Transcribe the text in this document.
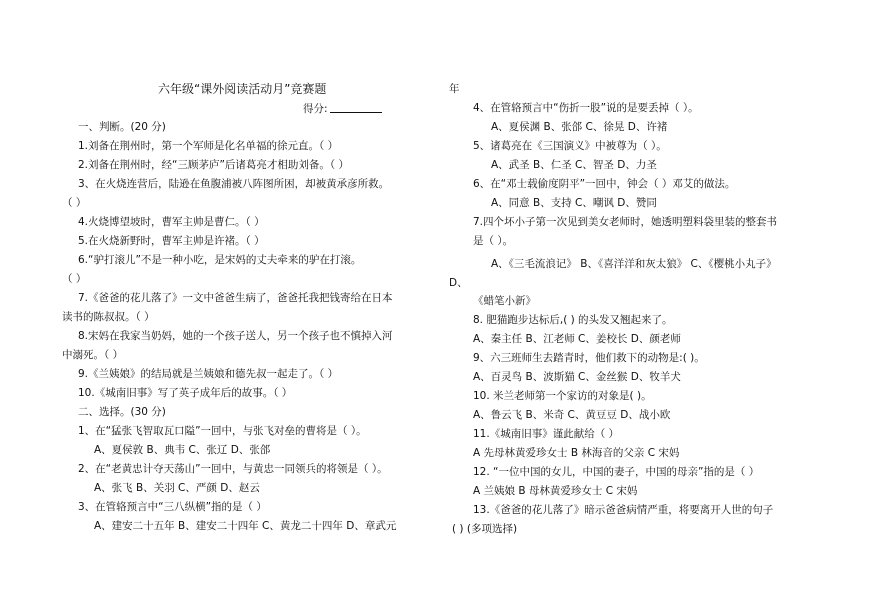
六年级“课外阅读活动月”竞赛题	年
得分:
一、判断。(20 分)
1.刘备在荆州时，第一个军师是化名单福的徐元直。（ ）
2.刘备在荆州时，经“三顾茅庐”后诸葛亮才相助刘备。（ ）
3、在火烧连营后，陆逊在鱼腹浦被八阵图所困，却被黄承彦所救。
（ ）
4.火烧博望坡时，曹军主帅是曹仁。（ ）
5.在火烧新野时，曹军主帅是许褚。（ ）
6.“驴打滚儿”不是一种小吃，是宋妈的丈夫牵来的驴在打滚。
（ ）
7.《爸爸的花儿落了》一文中爸爸生病了，爸爸托我把钱寄给在日本
读书的陈叔叔。（ ）
8.宋妈在我家当奶妈，她的一个孩子送人，另一个孩子也不慎掉入河
中溺死。（ ）
9.《兰姨娘》的结局就是兰姨娘和德先叔一起走了。（ ）
10.《城南旧事》写了英子成年后的故事。（ ）
二、选择。(30 分)
1、在“猛张飞智取瓦口隘”一回中，与张飞对垒的曹将是（ ）。
A、夏侯敦 B、典韦 C、张辽 D、张郃
2、在“老黄忠计夺天荡山”一回中，与黄忠一同领兵的将领是（ ）。
A、张飞 B、关羽 C、严颜 D、赵云
3、在管辂预言中“三八纵横”指的是（ ）
A、建安二十五年 B、建安二十四年 C、黄龙二十四年 D、章武元
4、在管辂预言中“伤折一股”说的是要丢掉（ ）。
A、夏侯渊 B、张郃 C、徐晃 D、许褚
5、诸葛亮在《三国演义》中被尊为（ ）。
A、武圣 B、仁圣 C、智圣 D、力圣
6、在“邓士载偷度阴平”一回中，钟会（ ）邓艾的做法。
A、同意 B、支持 C、嘲讽 D、赞同
7.四个坏小子第一次见到美女老师时，她透明塑料袋里装的整套书
是（ ）。
A、《三毛流浪记》 B、《喜洋洋和灰太狼》 C、《樱桃小丸子》
D、
《蜡笔小新》
8. 肥猫跑步达标后,( ) 的头发又翘起来了。
A、秦主任 B、江老师 C、姜校长 D、颜老师
9、六三班师生去踏青时，他们救下的动物是:( )。
A、百灵鸟 B、波斯猫 C、金丝猴 D、牧羊犬
10. 米兰老师第一个家访的对象是( )。
A、鲁云飞 B、米奇 C、黄豆豆 D、战小欧
11.《城南旧事》谨此献给（ ）
A 先母林黄爱珍女士 B 林海音的父亲 C 宋妈
12. “一位中国的女儿，中国的妻子，中国的母亲”指的是（ ）
A 兰姨娘 B 母林黄爱珍女士 C 宋妈
13.《爸爸的花儿落了》暗示爸爸病情严重，将要离开人世的句子
( ) (多项选择)
